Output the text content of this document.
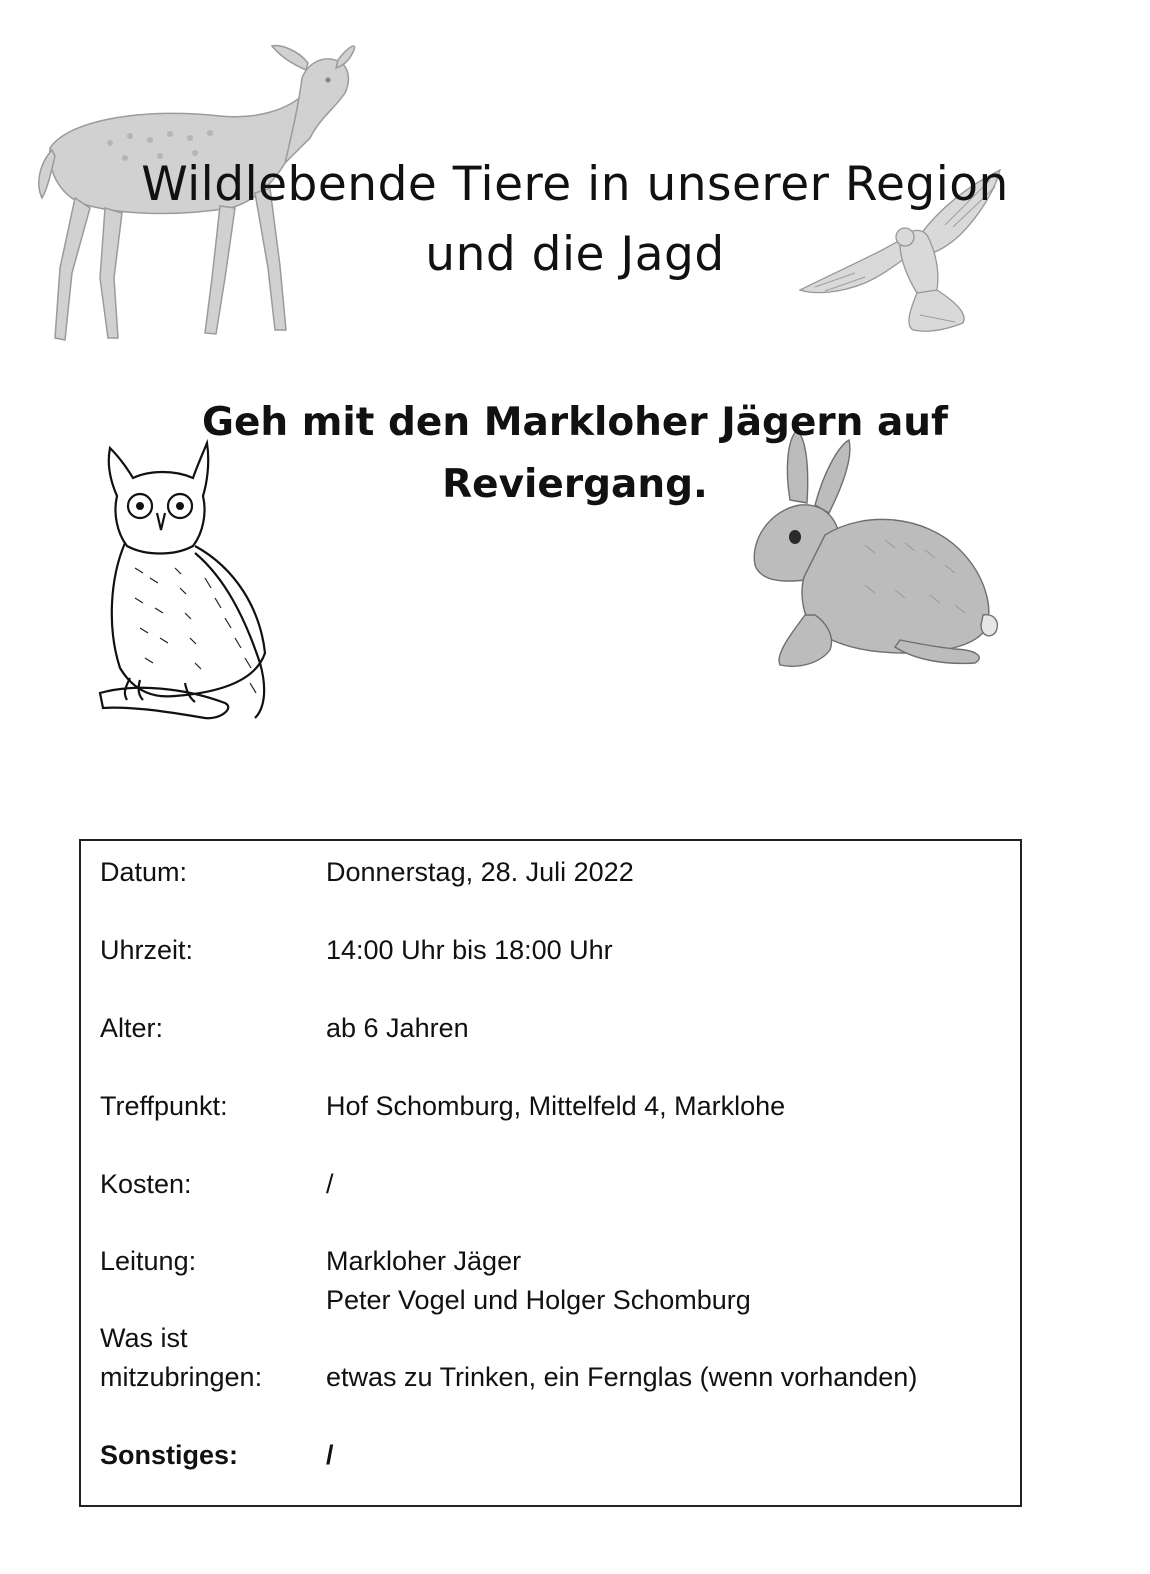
Wildlebende Tiere in unserer Region
und die Jagd
Geh mit den Markloher Jägern auf
Reviergang.
Datum:	Donnerstag, 28. Juli 2022
Uhrzeit:	14:00 Uhr bis 18:00 Uhr
Alter:	ab 6 Jahren
Treffpunkt:	Hof Schomburg, Mittelfeld 4, Marklohe
Kosten:	/
Leitung:	Markloher Jäger
Peter Vogel und Holger Schomburg
Was ist
mitzubringen:	etwas zu Trinken, ein Fernglas (wenn vorhanden)
Sonstiges:	/
